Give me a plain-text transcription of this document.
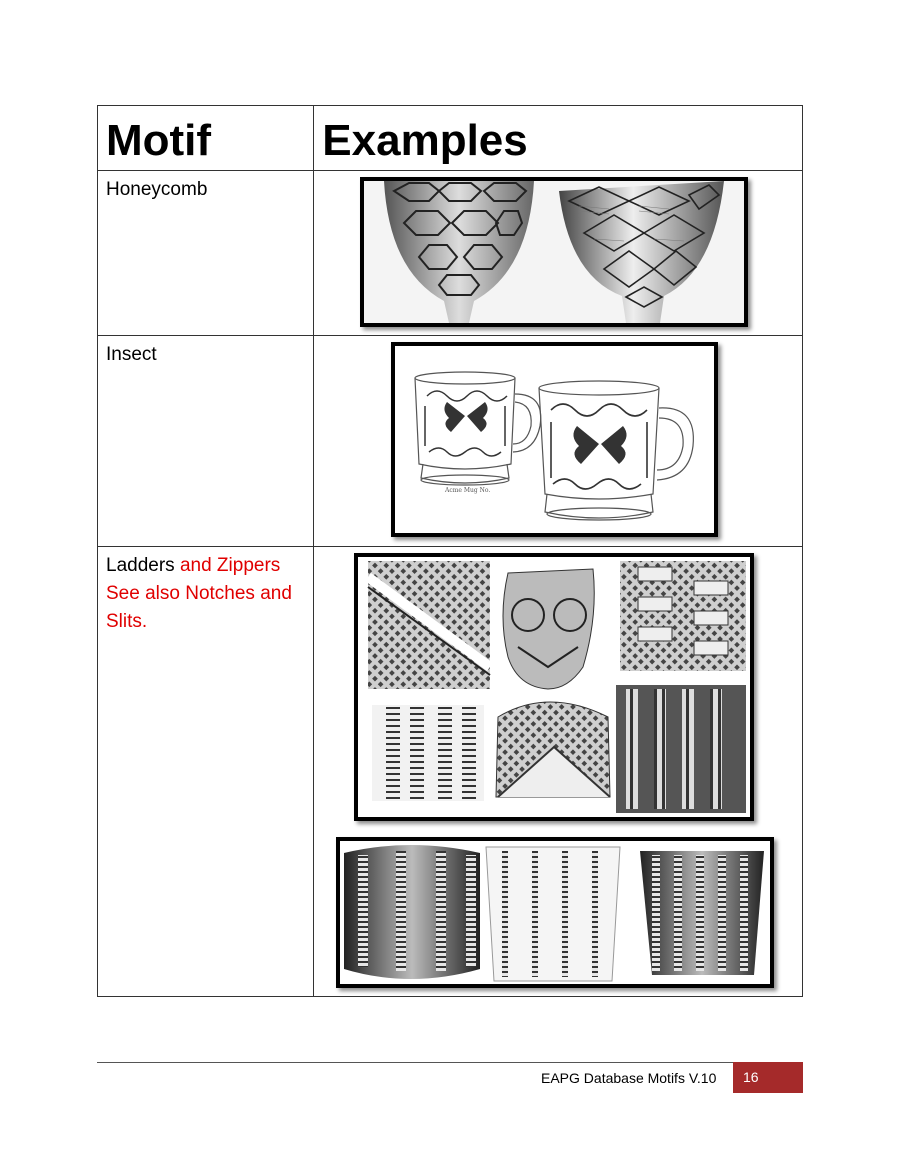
Motif	Examples
Honeycomb	

Insect	Acme Mug No.

Ladders and Zippers
See also Notches and Slits.	
EAPG Database Motifs V.10	16
